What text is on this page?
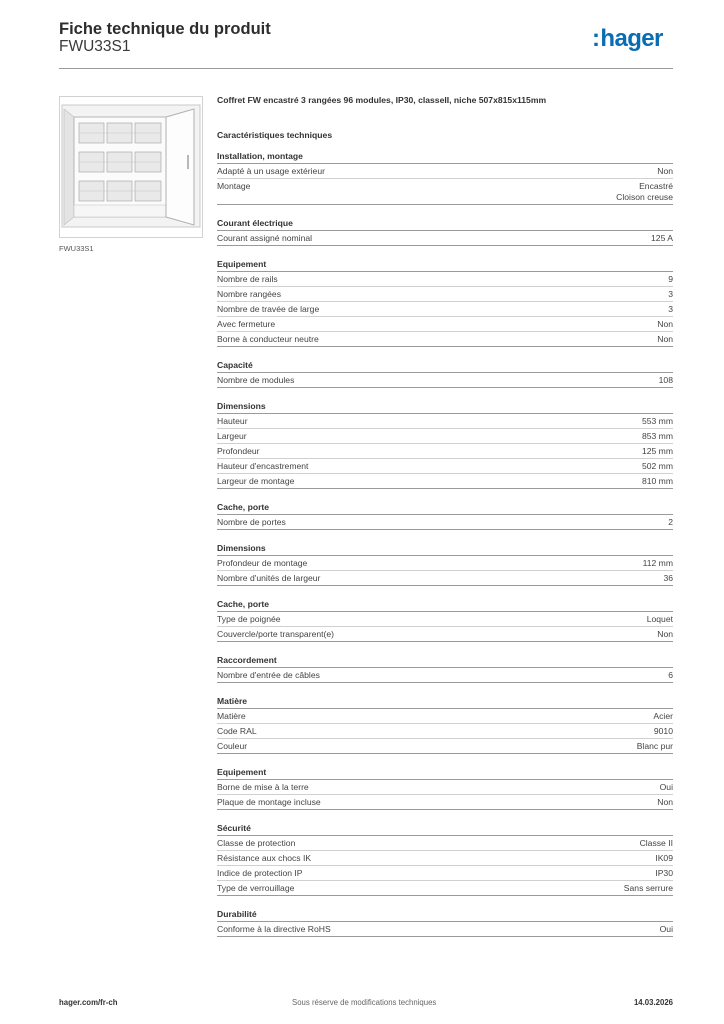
Fiche technique du produit
FWU33S1	:hager
FWU33S1
Coffret FW encastré 3 rangées 96 modules, IP30, classeII, niche 507x815x115mm
Caractéristiques techniques
Installation, montage
Adapté à un usage extérieur	Non
Montage	Encastré
Cloison creuse
Courant électrique
Courant assigné nominal	125 A
Equipement
Nombre de rails	9
Nombre rangées	3
Nombre de travée de large	3
Avec fermeture	Non
Borne à conducteur neutre	Non
Capacité
Nombre de modules	108
Dimensions
Hauteur	553 mm
Largeur	853 mm
Profondeur	125 mm
Hauteur d'encastrement	502 mm
Largeur de montage	810 mm
Cache, porte
Nombre de portes	2
Dimensions
Profondeur de montage	112 mm
Nombre d'unités de largeur	36
Cache, porte
Type de poignée	Loquet
Couvercle/porte transparent(e)	Non
Raccordement
Nombre d'entrée de câbles	6
Matière
Matière	Acier
Code RAL	9010
Couleur	Blanc pur
Equipement
Borne de mise à la terre	Oui
Plaque de montage incluse	Non
Sécurité
Classe de protection	Classe II
Résistance aux chocs IK	IK09
Indice de protection IP	IP30
Type de verrouillage	Sans serrure
Durabilité
Conforme à la directive RoHS	Oui
hager.com/fr-ch	Sous réserve de modifications techniques	14.03.2026
